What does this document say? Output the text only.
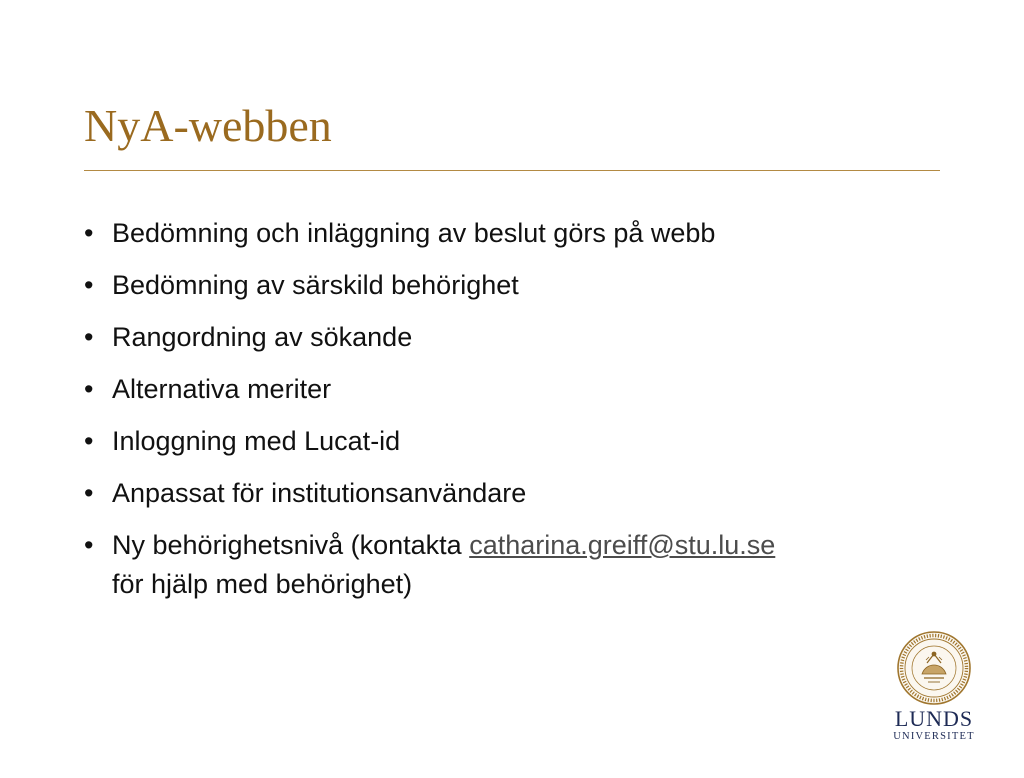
NyA-webben
• Bedömning och inläggning av beslut görs på webb
• Bedömning av särskild behörighet
• Rangordning av sökande
• Alternativa meriter
• Inloggning med Lucat-id
• Anpassat för institutionsanvändare
• Ny behörighetsnivå (kontakta catharina.greiff@stu.lu.se
för hjälp med behörighet)
LUNDS
UNIVERSITET
